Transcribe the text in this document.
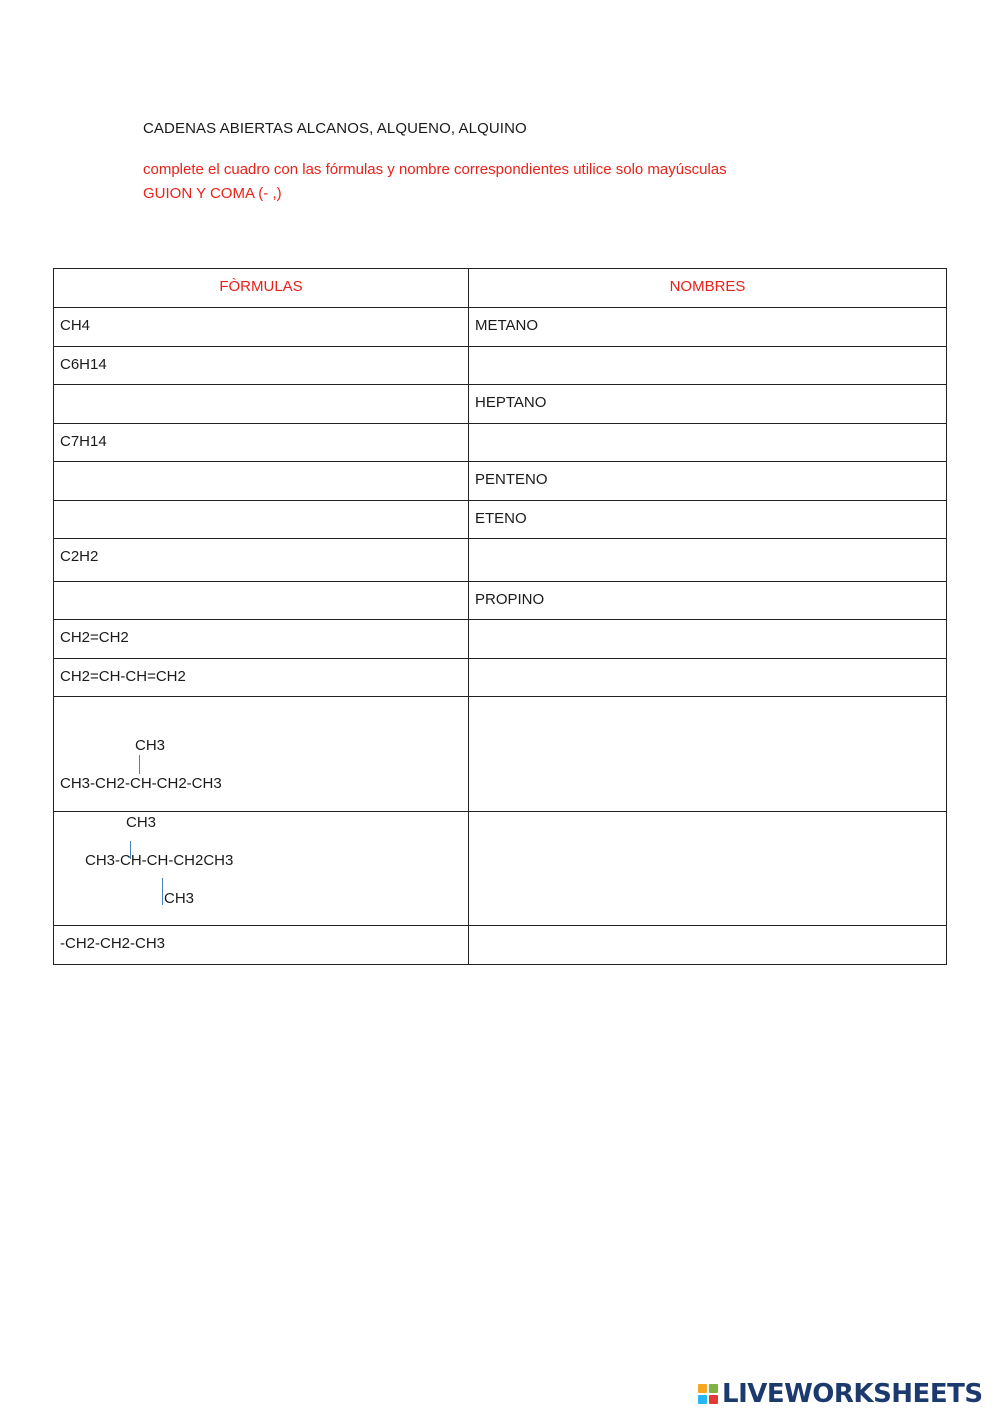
CADENAS ABIERTAS ALCANOS, ALQUENO, ALQUINO
complete el cuadro con las fórmulas y nombre correspondientes utilice solo mayúsculas
GUION Y COMA (- ,)
FÒRMULAS	NOMBRES
CH4	METANO
C6H14	
	HEPTANO
C7H14	
	PENTENO
	ETENO
C2H2	
	PROPINO
CH2=CH2	
CH2=CH-CH=CH2	

CH3
CH3-CH2-CH-CH2-CH3	

CH3
CH3-CH-CH-CH2CH3
CH3	

-CH2-CH2-CH3	
LIVEWORKSHEETS
